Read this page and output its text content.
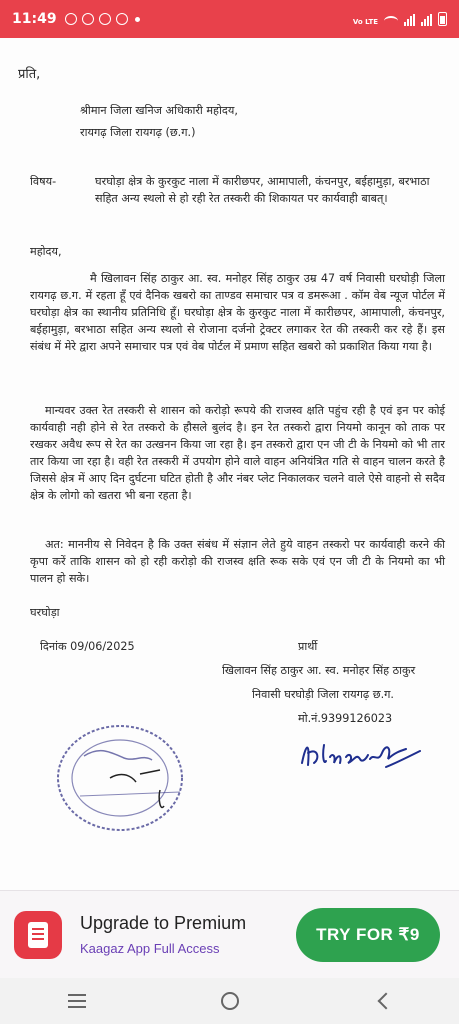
11:49	Vo LTE

प्रति,

श्रीमान जिला खनिज अधिकारी महोदय,

रायगढ़ जिला रायगढ़ (छ.ग.)

विषय-	घरघोड़ा क्षेत्र के कुरकुट नाला में कारीछपर, आमापाली, कंचनपुर, बईहामुड़ा, बरभाठा सहित अन्य स्थलो से हो रही रेत तस्करी की शिकायत पर कार्यवाही बाबत्।

महोदय,

मै खिलावन सिंह ठाकुर आ. स्व. मनोहर सिंह ठाकुर उम्र 47 वर्ष निवासी घरघोड़ी जिला रायगढ़ छ.ग. में रहता हूँ एवं दैनिक खबरो का ताण्डव समाचार पत्र व डमरूआ . कॉम वेब न्यूज पोर्टल में घरघोड़ा क्षेत्र का स्थानीय प्रतिनिधि हूँ। घरघोड़ा क्षेत्र के कुरकुट नाला में कारीछपर, आमापाली, कंचनपुर, बईहामुड़ा, बरभाठा सहित अन्य स्थलो से रोजाना दर्जनो ट्रेक्टर लगाकर रेत की तस्करी कर रहे हैं। इस संबंध में मेरे द्वारा अपने समाचार पत्र एवं वेब पोर्टल में प्रमाण सहित खबरो को प्रकाशित किया गया है।

मान्यवर उक्त रेत तस्करी से शासन को करोड़ो रूपये की राजस्व क्षति पहुंच रही है एवं इन पर कोई कार्यवाही नही होने से रेत तस्करो के हौसले बुलंद है। इन रेत तस्करो द्वारा नियमो कानून को ताक पर रखकर अवैध रूप से रेत का उत्खनन किया जा रहा है। इन तस्करो द्वारा एन जी टी के नियमो को भी तार तार किया जा रहा है। वही रेत तस्करी में उपयोग होने वाले वाहन अनियंत्रित गति से वाहन चालन करते है जिससे क्षेत्र में आए दिन दुर्घटना घटित होती है और नंबर प्लेट निकालकर चलने वाले ऐसे वाहनो से सदैव क्षेत्र के लोगो को खतरा भी बना रहता है।

अत: माननीय से निवेदन है कि उक्त संबंध में संज्ञान लेते हुये वाहन तस्करो पर कार्यवाही करने की कृपा करें ताकि शासन को हो रही करोड़ो की राजस्व क्षति रूक सके एवं एन जी टी के नियमो का भी पालन हो सके।

घरघोड़ा

दिनांक 09/06/2025	प्रार्थी

खिलावन सिंह ठाकुर आ. स्व. मनोहर सिंह ठाकुर

निवासी घरघोड़ी जिला रायगढ़ छ.ग.

मो.नं.9399126023

Upgrade to Premium
Kaagaz App Full Access
TRY FOR ₹9
